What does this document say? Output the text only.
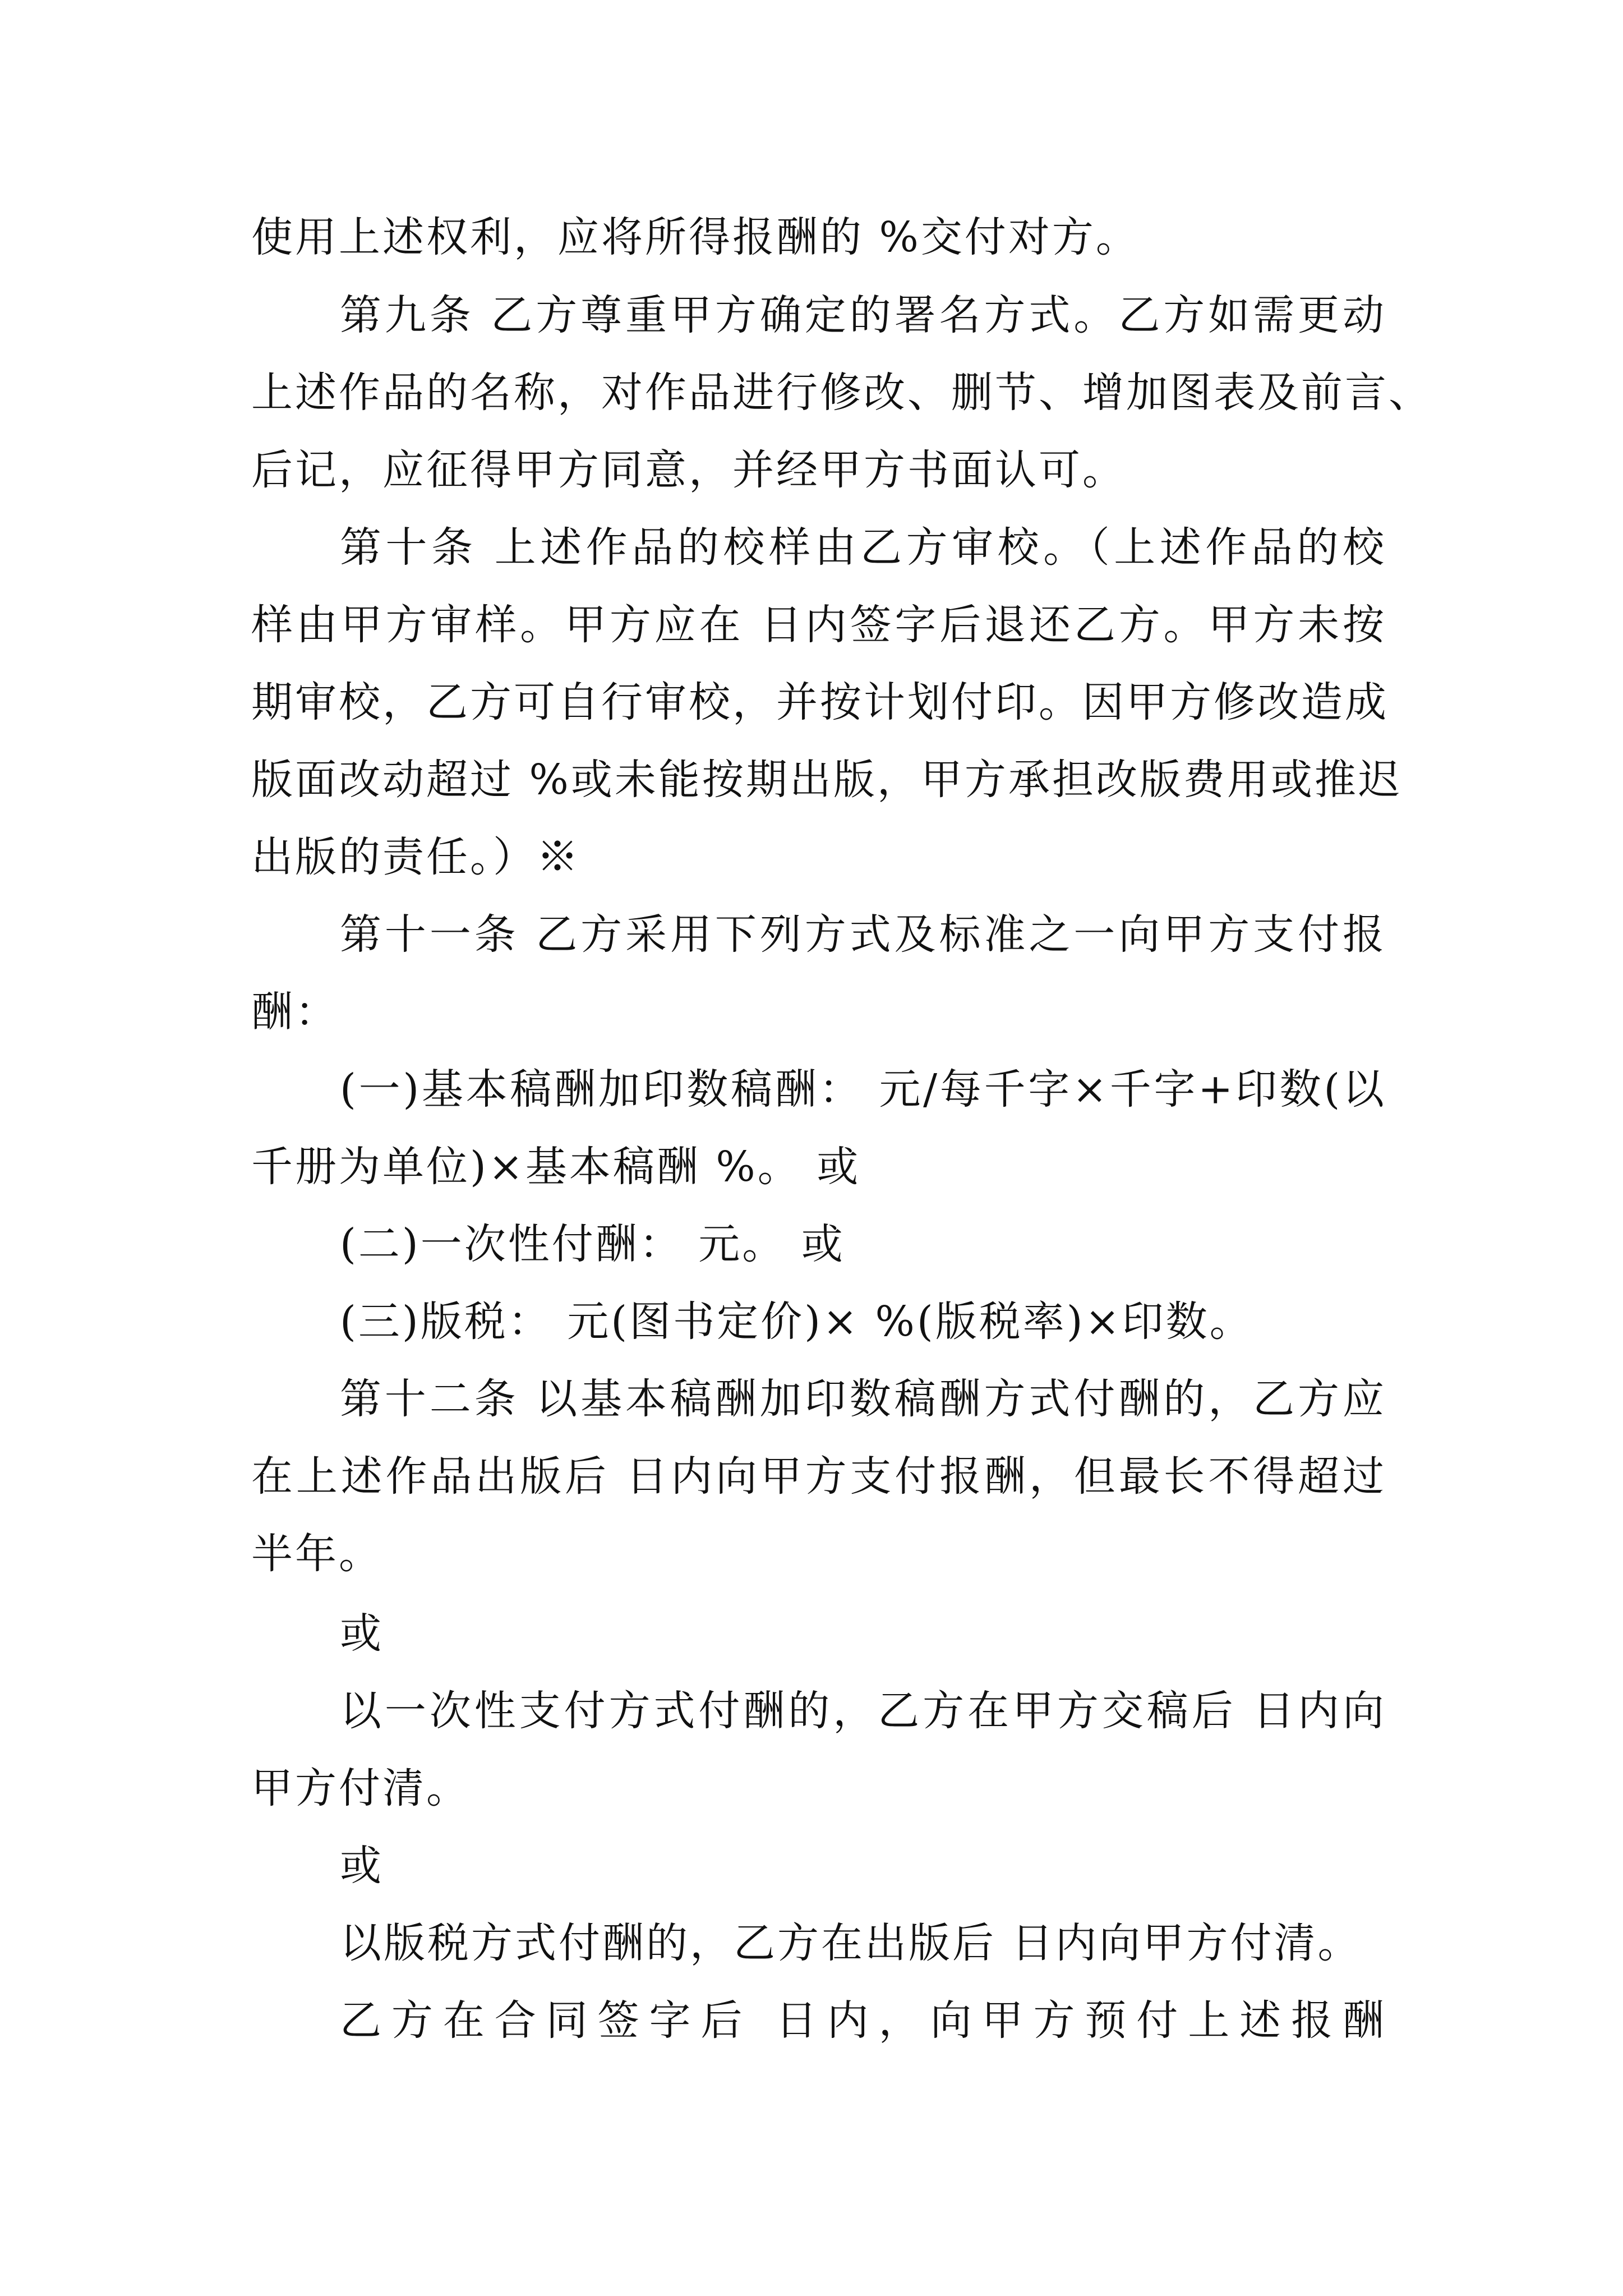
使用上述权利，应将所得报酬的 %交付对方。
第九条 乙方尊重甲方确定的署名方式。乙方如需更动
上述作品的名称，对作品进行修改、删节、增加图表及前言、
后记，应征得甲方同意，并经甲方书面认可。
第十条 上述作品的校样由乙方审校。（上述作品的校
样由甲方审样。甲方应在 日内签字后退还乙方。甲方未按
期审校，乙方可自行审校，并按计划付印。因甲方修改造成
版面改动超过 %或未能按期出版，甲方承担改版费用或推迟
出版的责任。）※
第十一条 乙方采用下列方式及标准之一向甲方支付报
酬：
(一)基本稿酬加印数稿酬： 元/每千字×千字+印数(以
千册为单位)×基本稿酬 %。 或
(二)一次性付酬： 元。 或
(三)版税： 元(图书定价)× %(版税率)×印数。
第十二条 以基本稿酬加印数稿酬方式付酬的，乙方应
在上述作品出版后 日内向甲方支付报酬，但最长不得超过
半年。
或
以一次性支付方式付酬的，乙方在甲方交稿后 日内向
甲方付清。
或
以版税方式付酬的，乙方在出版后 日内向甲方付清。
乙方在合同签字后 日内，向甲方预付上述报酬
